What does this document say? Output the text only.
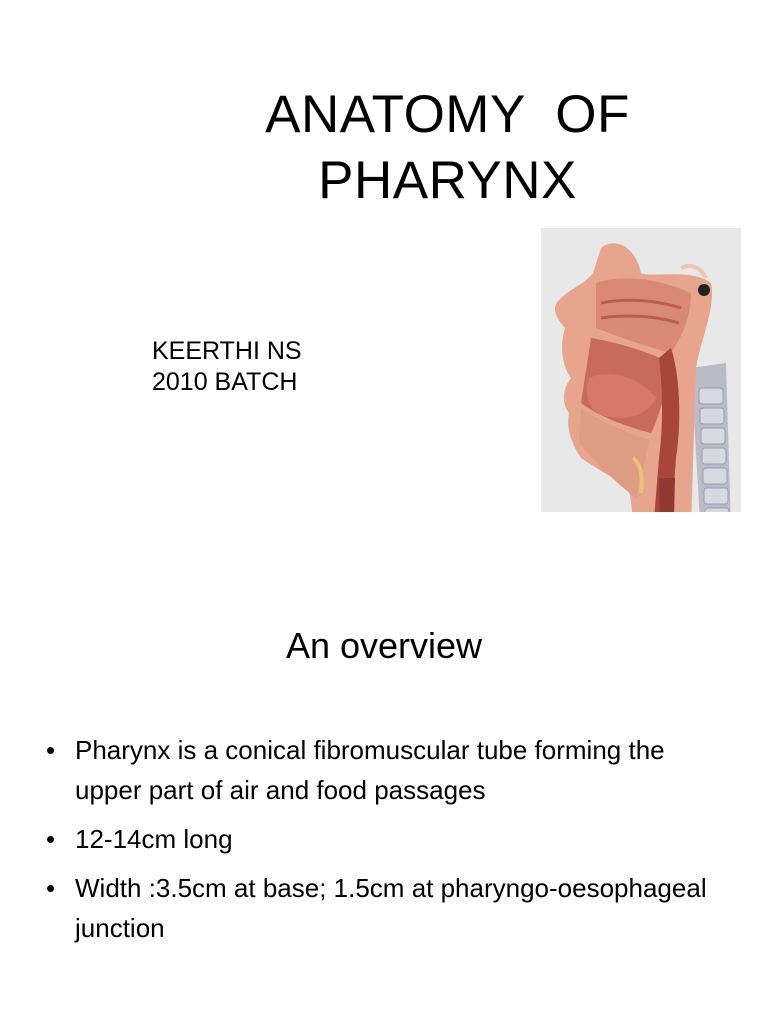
ANATOMY  OF
PHARYNX
KEERTHI NS
2010 BATCH
An overview
• Pharynx is a conical fibromuscular tube forming the upper part of air and food passages
• 12-14cm long
• Width :3.5cm at base; 1.5cm at pharyngo-oesophageal junction
